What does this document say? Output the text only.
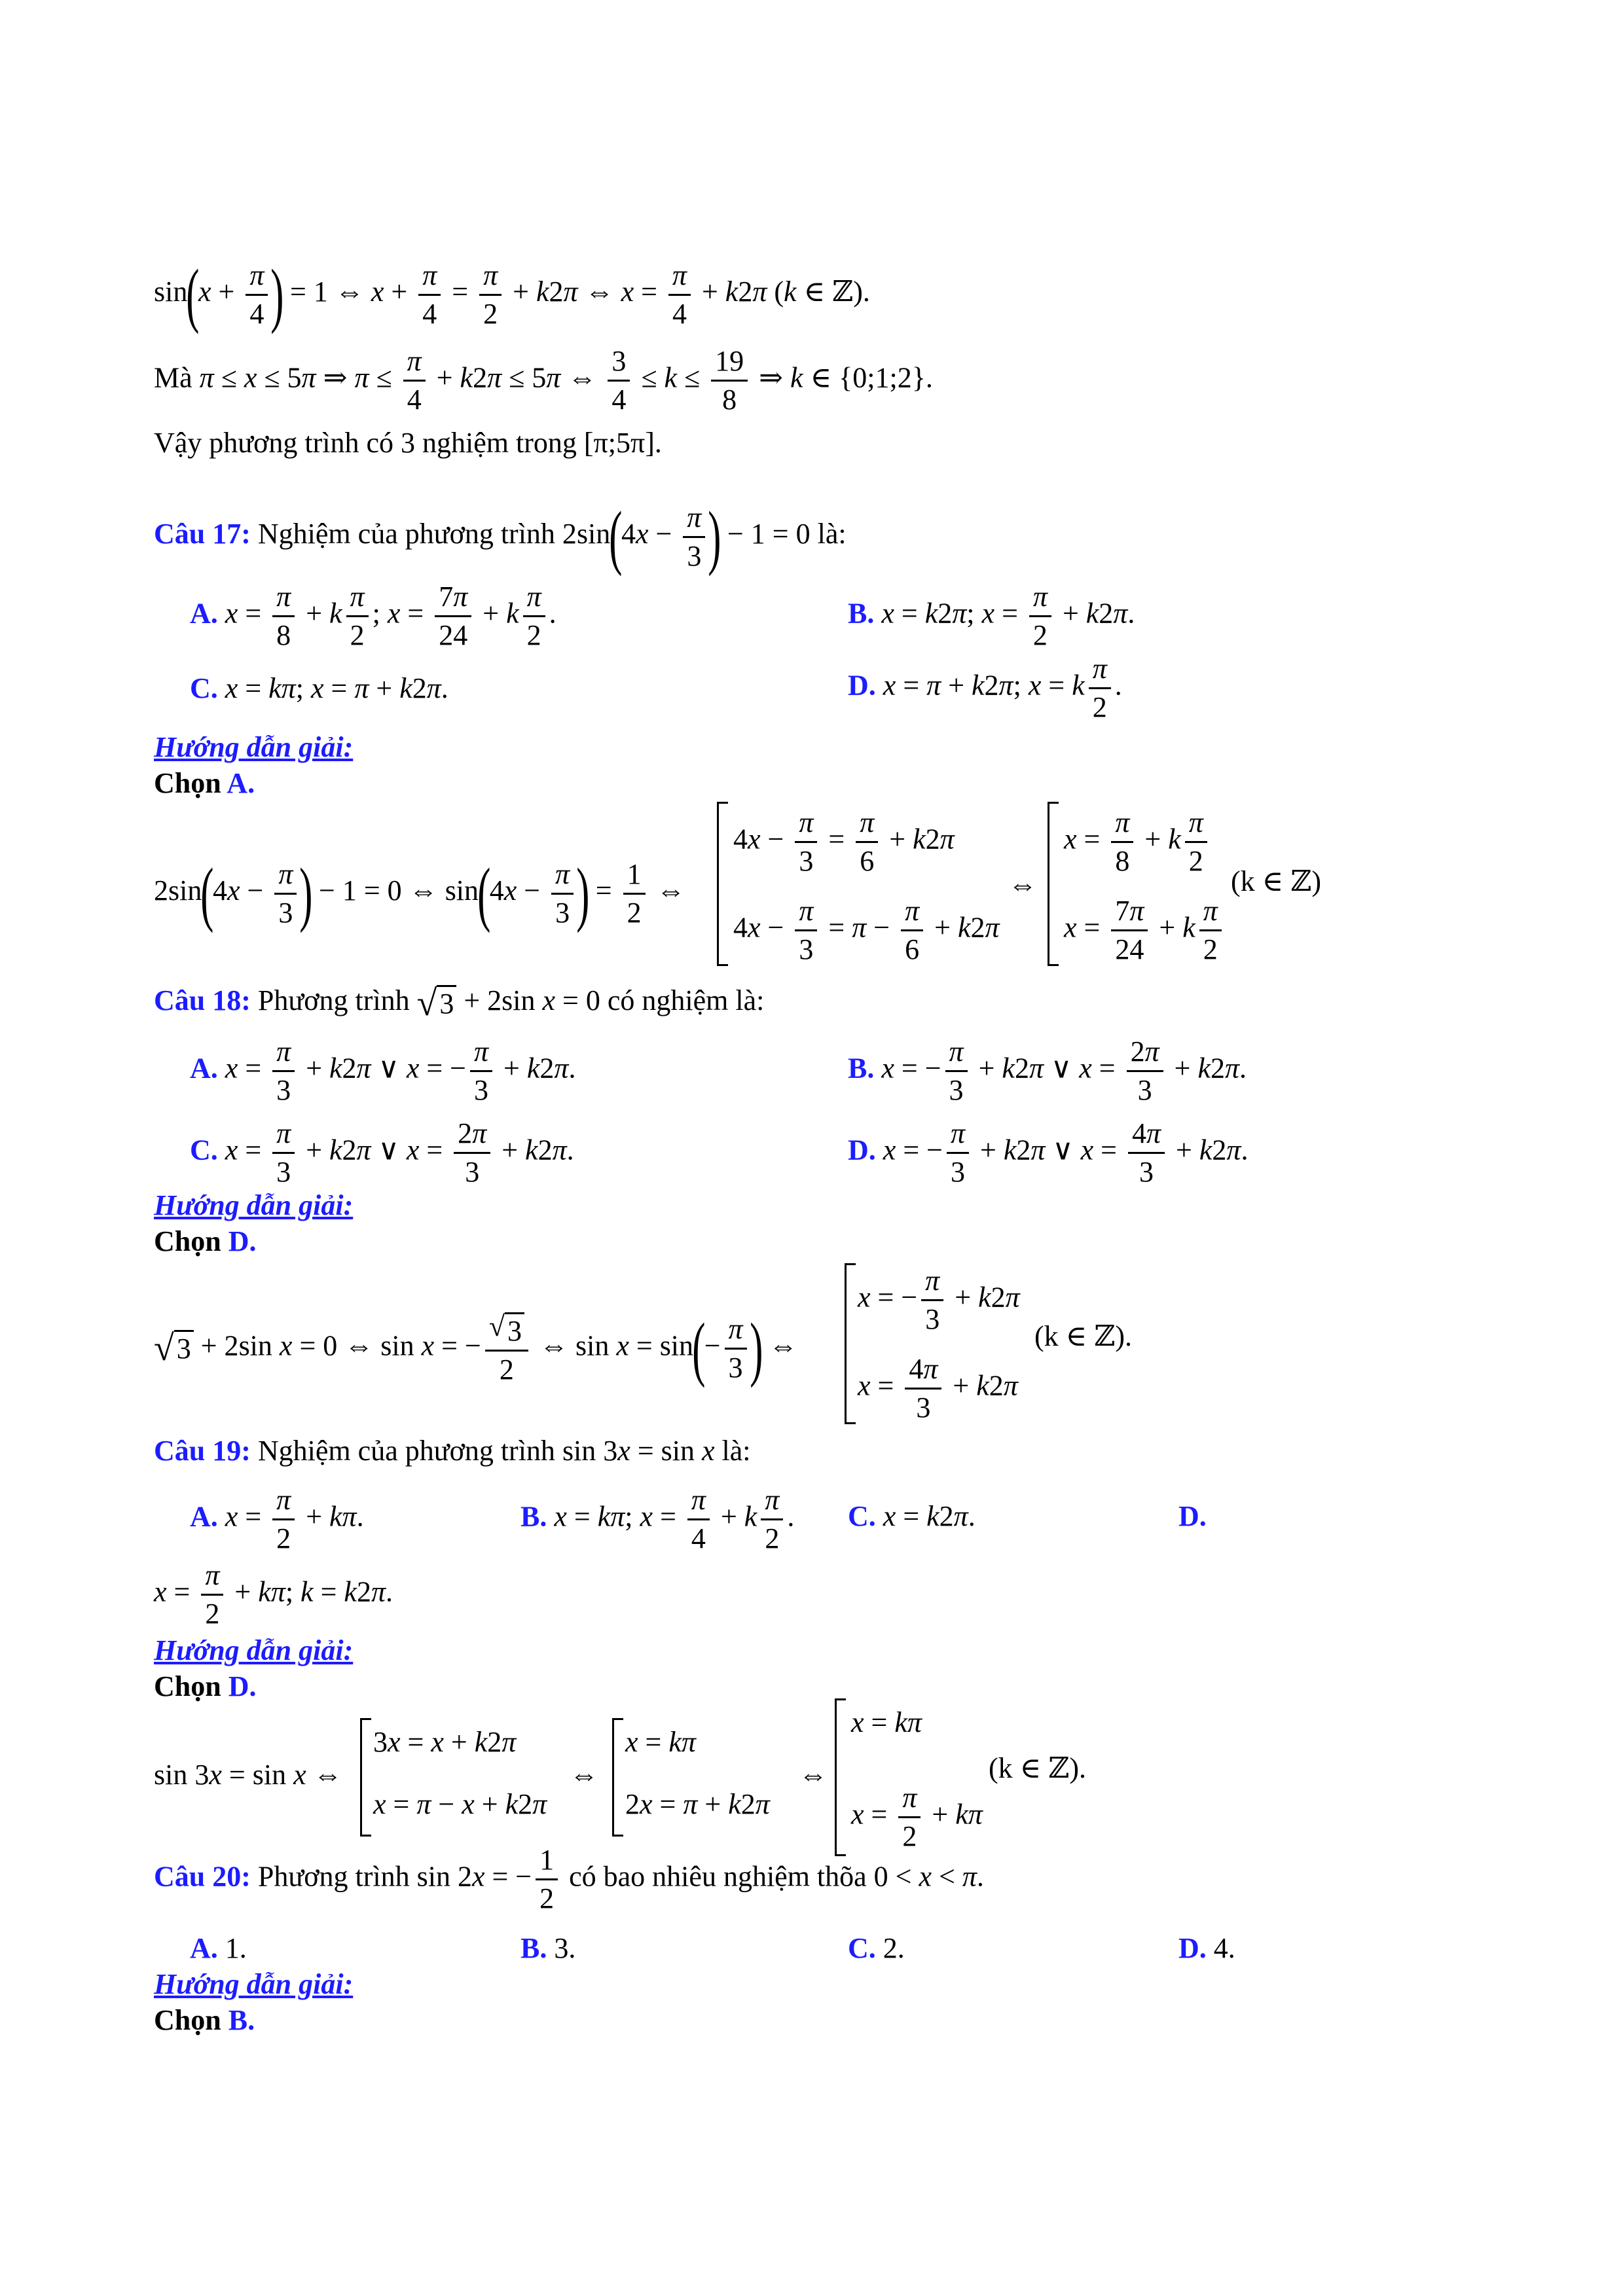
$\sin(x + \frac{\pi}{4}$ ) = 1 ⇔ $x + \frac{\pi}{4} = \frac{\pi}{2} + k2\pi$ ⇔ $x = \frac{\pi}{4} + k2\pi$ (k ∈ ℤ).
Mà π ≤ x ≤ 5π ⇒ $\pi \le \frac{\pi}{4} + k2\pi \le 5\pi$ ⇔ $\frac{3}{4} \le k \le \frac{19}{8}$ ⇒ k ∈ {0;1;2}.
Vậy phương trình có 3 nghiệm trong [π;5π].
Câu 17: Nghiệm của phương trình $2\sin(4x - \frac{\pi}{3}$ ) − 1 = 0 là:
A. $x = \frac{\pi}{8} + k \frac{\pi}{2}$ ; $x = \frac{7\pi}{24} + k \frac{\pi}{2}$ .	B. x = k2π; $x = \frac{\pi}{2} + k2\pi$.
C. x = kπ; x = π + k2π.	D. x = π + k2π; x = k $\frac{\pi}{2}$ .
Hướng dẫn giải:
Chọn A.
$2\sin(4x - \frac{\pi}{3}$ ) − 1 = 0 ⇔ $\sin(4x - \frac{\pi}{3}$ ) = $\frac{1}{2}$ ⇔
$4x - \frac{\pi}{3} = \frac{\pi}{6} + k2\pi$
$4x - \frac{\pi}{3} = \pi - \frac{\pi}{6} + k2\pi$
⇔
$x = \frac{\pi}{8} + k \frac{\pi}{2}$
$x = \frac{7\pi}{24} + k \frac{\pi}{2}$
(k ∈ ℤ)
Câu 18: Phương trình √ 3 + 2sin x = 0 có nghiệm là:
A. $x = \frac{\pi}{3} + k2\pi$ ∨ x = − $\frac{\pi}{3} + k2\pi$.	B. x = − $\frac{\pi}{3} + k2\pi$ ∨ $x = \frac{2\pi}{3} + k2\pi$.
C. $x = \frac{\pi}{3} + k2\pi$ ∨ $x = \frac{2\pi}{3} + k2\pi$.	D. x = − $\frac{\pi}{3} + k2\pi$ ∨ $x = \frac{4\pi}{3} + k2\pi$.
Hướng dẫn giải:
Chọn D.
√ 3 + 2sin x = 0 ⇔ sin x = − $\frac{√ 3}{2}$ ⇔ $\sin x = \sin(- \frac{\pi}{3}$ ) ⇔
x = − $\frac{\pi}{3} + k2\pi$
$x = \frac{4\pi}{3} + k2\pi$
(k ∈ ℤ).
Câu 19: Nghiệm của phương trình sin 3x = sin x là:
A. $x = \frac{\pi}{2} + k\pi$.	B. x = kπ; $x = \frac{\pi}{4} + k \frac{\pi}{2}$ . C. x = k2π.	D.
$x = \frac{\pi}{2} + k\pi$; k = k2π.
Hướng dẫn giải:
Chọn D.
sin 3x = sin x ⇔
3x = x + k2π
x = π − x + k2π
⇔
x = kπ
2x = π + k2π
⇔
x = kπ
$x = \frac{\pi}{2} + k\pi$
(k ∈ ℤ).
Câu 20: Phương trình sin 2x = − $\frac{1}{2}$ có bao nhiêu nghiệm thõa 0 < x < π.
A. 1.	B. 3.	C. 2.	D. 4.
Hướng dẫn giải:
Chọn B.
